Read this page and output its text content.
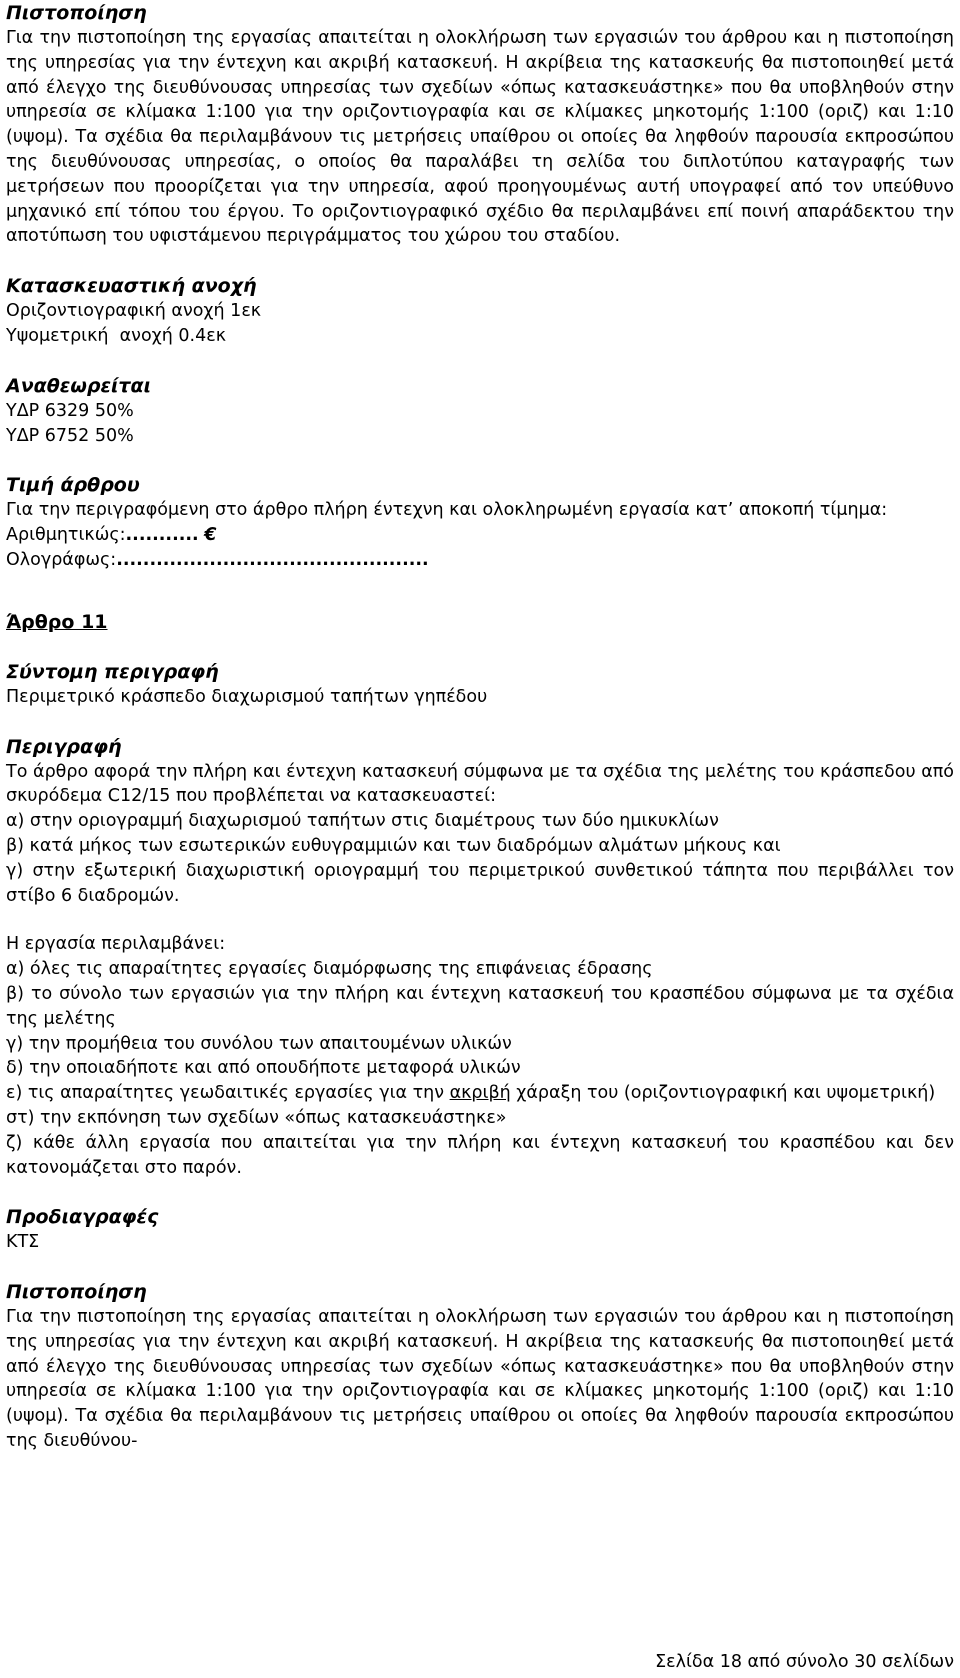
Πιστοποίηση

Για την πιστοποίηση της εργασίας απαιτείται η ολοκλήρωση των εργασιών του άρθρου και η πιστοποίηση της υπηρεσίας για την έντεχνη και ακριβή κατασκευή. Η ακρίβεια της κατασκευής θα πιστοποιηθεί μετά από έλεγχο της διευθύνουσας υπηρεσίας των σχεδίων «όπως κατασκευάστηκε» που θα υποβληθούν στην υπηρεσία σε κλίμακα 1:100 για την οριζοντιογραφία και σε κλίμακες μηκοτομής 1:100 (οριζ) και 1:10 (υψομ). Τα σχέδια θα περιλαμβάνουν τις μετρήσεις υπαίθρου οι οποίες θα ληφθούν παρουσία εκπροσώπου της διευθύνουσας υπηρεσίας, ο οποίος θα παραλάβει τη σελίδα του διπλοτύπου καταγραφής των μετρήσεων που προορίζεται για την υπηρεσία, αφού προηγουμένως αυτή υπογραφεί από τον υπεύθυνο μηχανικό επί τόπου του έργου. Το οριζοντιογραφικό σχέδιο θα περιλαμβάνει επί ποινή απαράδεκτου την αποτύπωση του υφιστάμενου περιγράμματος του χώρου του σταδίου.

Κατασκευαστική ανοχή

Οριζοντιογραφική ανοχή 1εκ

Υψομετρική  ανοχή 0.4εκ

Αναθεωρείται

ΥΔΡ 6329 50%

ΥΔΡ 6752 50%

Τιμή άρθρου

Για την περιγραφόμενη στο άρθρο πλήρη έντεχνη και ολοκληρωμένη εργασία κατ’ αποκοπή τίμημα:

Αριθμητικώς:........... €

Ολογράφως:...............................................

Άρθρο 11

Σύντομη περιγραφή

Περιμετρικό κράσπεδο διαχωρισμού ταπήτων γηπέδου

Περιγραφή

Το άρθρο αφορά την πλήρη και έντεχνη κατασκευή σύμφωνα με τα σχέδια της μελέτης του κράσπεδου από σκυρόδεμα C12/15 που προβλέπεται να κατασκευαστεί:

α) στην οριογραμμή διαχωρισμού ταπήτων στις διαμέτρους των δύο ημικυκλίων

β) κατά μήκος των εσωτερικών ευθυγραμμιών και των διαδρόμων αλμάτων μήκους και

γ) στην εξωτερική διαχωριστική οριογραμμή του περιμετρικού συνθετικού τάπητα που περιβάλλει τον στίβο 6 διαδρομών.

Η εργασία περιλαμβάνει:

α) όλες τις απαραίτητες εργασίες διαμόρφωσης της επιφάνειας έδρασης

β) το σύνολο των εργασιών για την πλήρη και έντεχνη κατασκευή του κρασπέδου σύμφωνα με τα σχέδια της μελέτης

γ) την προμήθεια του συνόλου των απαιτουμένων υλικών

δ) την οποιαδήποτε και από οπουδήποτε μεταφορά υλικών

ε) τις απαραίτητες γεωδαιτικές εργασίες για την ακριβή χάραξη του (οριζοντιογραφική και υψομετρική)

στ) την εκπόνηση των σχεδίων «όπως κατασκευάστηκε»

ζ) κάθε άλλη εργασία που απαιτείται για την πλήρη και έντεχνη κατασκευή του κρασπέδου και δεν κατονομάζεται στο παρόν.

Προδιαγραφές

ΚΤΣ

Πιστοποίηση

Για την πιστοποίηση της εργασίας απαιτείται η ολοκλήρωση των εργασιών του άρθρου και η πιστοποίηση της υπηρεσίας για την έντεχνη και ακριβή κατασκευή. Η ακρίβεια της κατασκευής θα πιστοποιηθεί μετά από έλεγχο της διευθύνουσας υπηρεσίας των σχεδίων «όπως κατασκευάστηκε» που θα υποβληθούν στην υπηρεσία σε κλίμακα 1:100 για την οριζοντιογραφία και σε κλίμακες μηκοτομής 1:100 (οριζ) και 1:10 (υψομ). Τα σχέδια θα περιλαμβάνουν τις μετρήσεις υπαίθρου οι οποίες θα ληφθούν παρουσία εκπροσώπου της διευθύνου-

Σελίδα 18 από σύνολο 30 σελίδων
